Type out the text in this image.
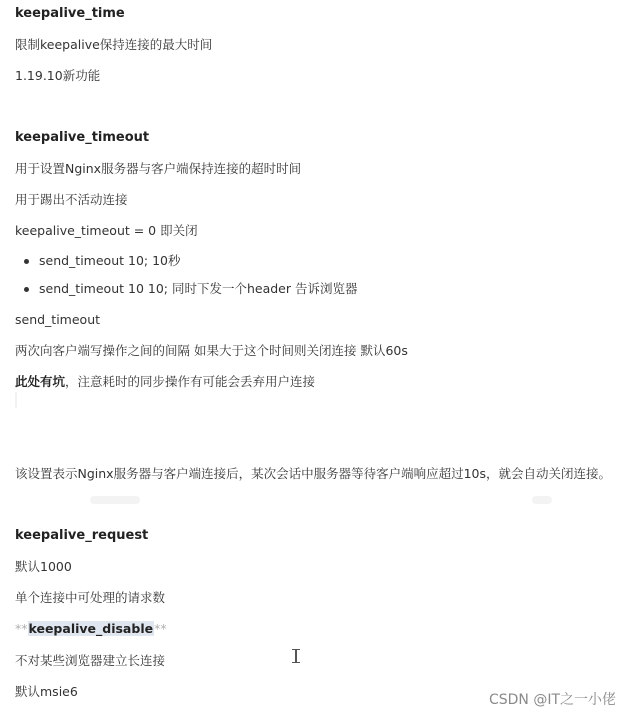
keepalive_time
限制keepalive保持连接的最大时间
1.19.10新功能
keepalive_timeout
用于设置Nginx服务器与客户端保持连接的超时时间
用于踢出不活动连接
keepalive_timeout = 0 即关闭
send_timeout 10; 10秒
send_timeout 10 10; 同时下发一个header 告诉浏览器
send_timeout
两次向客户端写操作之间的间隔 如果大于这个时间则关闭连接 默认60s
此处有坑，注意耗时的同步操作有可能会丢弃用户连接
该设置表示Nginx服务器与客户端连接后，某次会话中服务器等待客户端响应超过10s，就会自动关闭连接。
keepalive_request
默认1000
单个连接中可处理的请求数
**keepalive_disable**
不对某些浏览器建立长连接
默认msie6
CSDN @IT之一小佬
